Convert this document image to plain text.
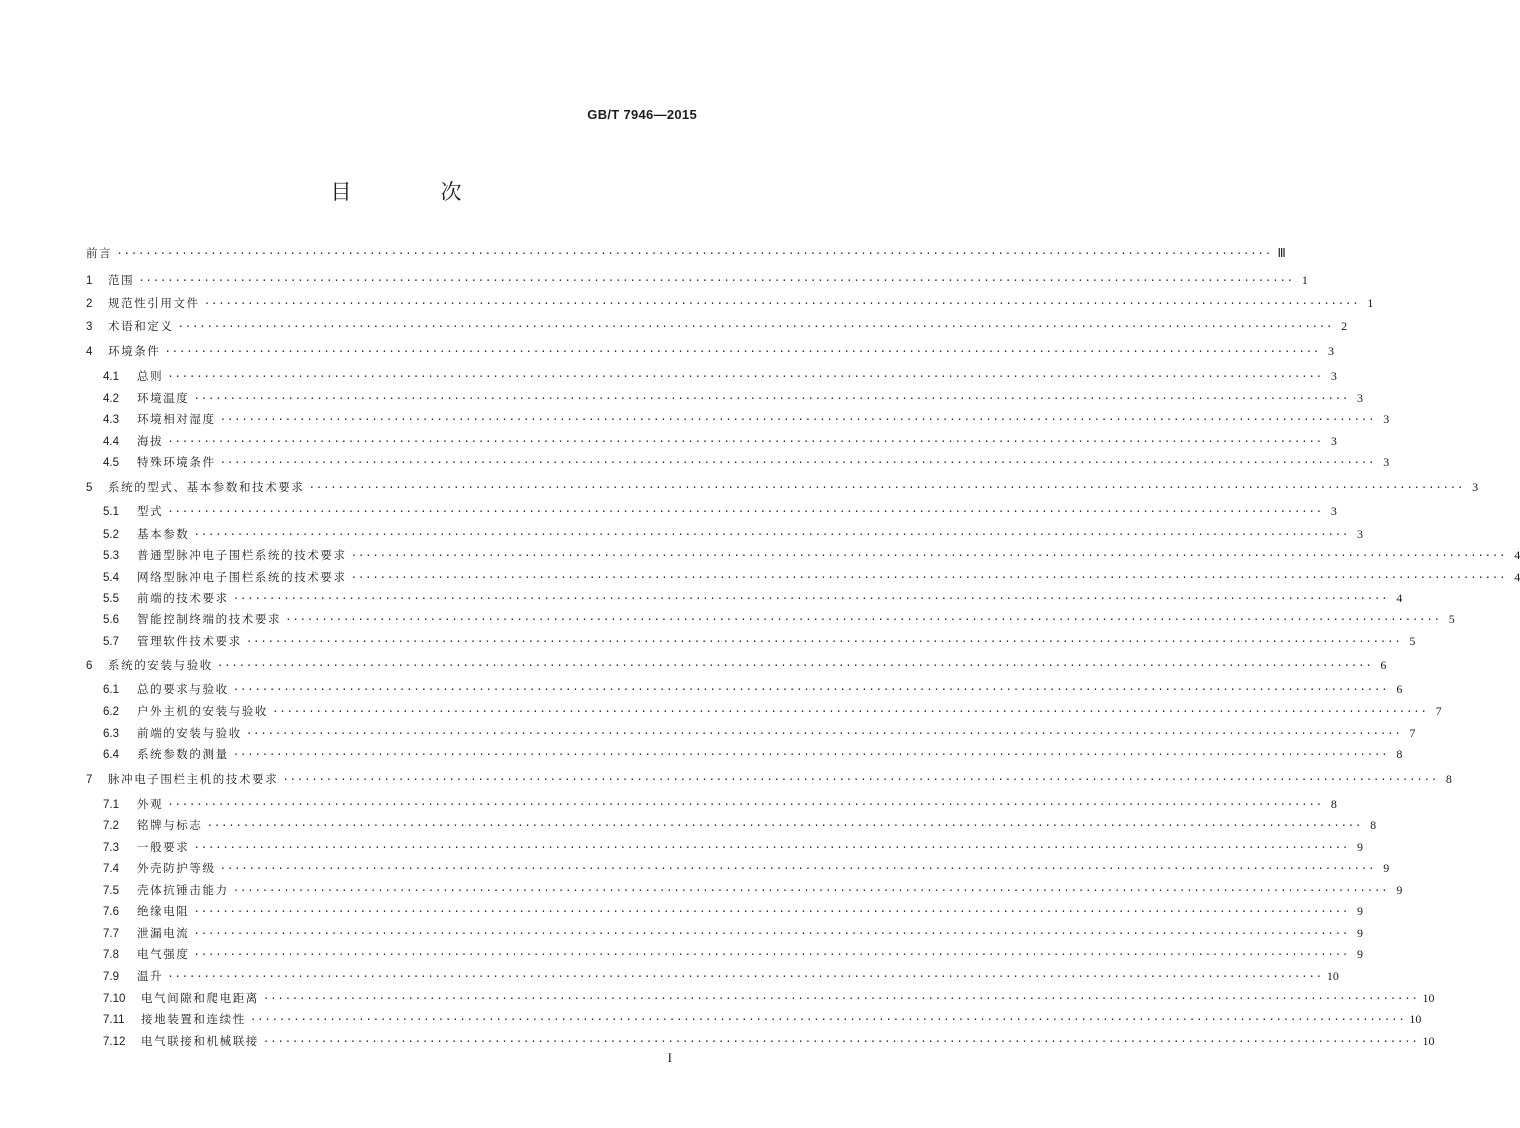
GB/T 7946—2015
目　次
前言 ································································································································································ Ⅲ
1	范围 ································································································································································ 1
2	规范性引用文件 ································································································································································ 1
3	术语和定义 ································································································································································ 2
4	环境条件 ································································································································································ 3
4.1	总则 ································································································································································ 3
4.2	环境温度 ································································································································································ 3
4.3	环境相对湿度 ································································································································································ 3
4.4	海拔 ································································································································································ 3
4.5	特殊环境条件 ································································································································································ 3
5	系统的型式、基本参数和技术要求 ································································································································································ 3
5.1	型式 ································································································································································ 3
5.2	基本参数 ································································································································································ 3
5.3	普通型脉冲电子围栏系统的技术要求 ································································································································································ 4
5.4	网络型脉冲电子围栏系统的技术要求 ································································································································································ 4
5.5	前端的技术要求 ································································································································································ 4
5.6	智能控制终端的技术要求 ································································································································································ 5
5.7	管理软件技术要求 ································································································································································ 5
6	系统的安装与验收 ································································································································································ 6
6.1	总的要求与验收 ································································································································································ 6
6.2	户外主机的安装与验收 ································································································································································ 7
6.3	前端的安装与验收 ································································································································································ 7
6.4	系统参数的测量 ································································································································································ 8
7	脉冲电子围栏主机的技术要求 ································································································································································ 8
7.1	外观 ································································································································································ 8
7.2	铭牌与标志 ································································································································································ 8
7.3	一般要求 ································································································································································ 9
7.4	外壳防护等级 ································································································································································ 9
7.5	壳体抗锤击能力 ································································································································································ 9
7.6	绝缘电阻 ································································································································································ 9
7.7	泄漏电流 ································································································································································ 9
7.8	电气强度 ································································································································································ 9
7.9	温升 ································································································································································ 10
7.10	电气间隙和爬电距离 ································································································································································ 10
7.11	接地装置和连续性 ································································································································································ 10
7.12	电气联接和机械联接 ································································································································································ 10
I
